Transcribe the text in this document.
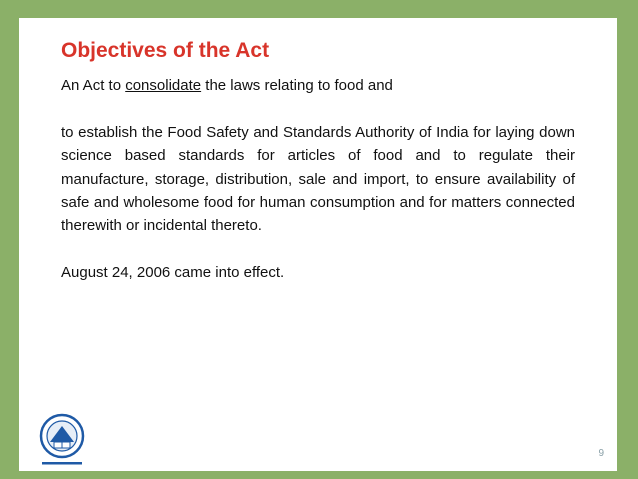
Objectives of the Act

An Act to consolidate the laws relating to food and

to establish the Food Safety and Standards Authority of India for laying down science based standards for articles of food and to regulate their manufacture, storage, distribution, sale and import, to ensure availability of safe and wholesome food for human consumption and for matters connected therewith or incidental thereto.

August 24, 2006 came into effect.

9
